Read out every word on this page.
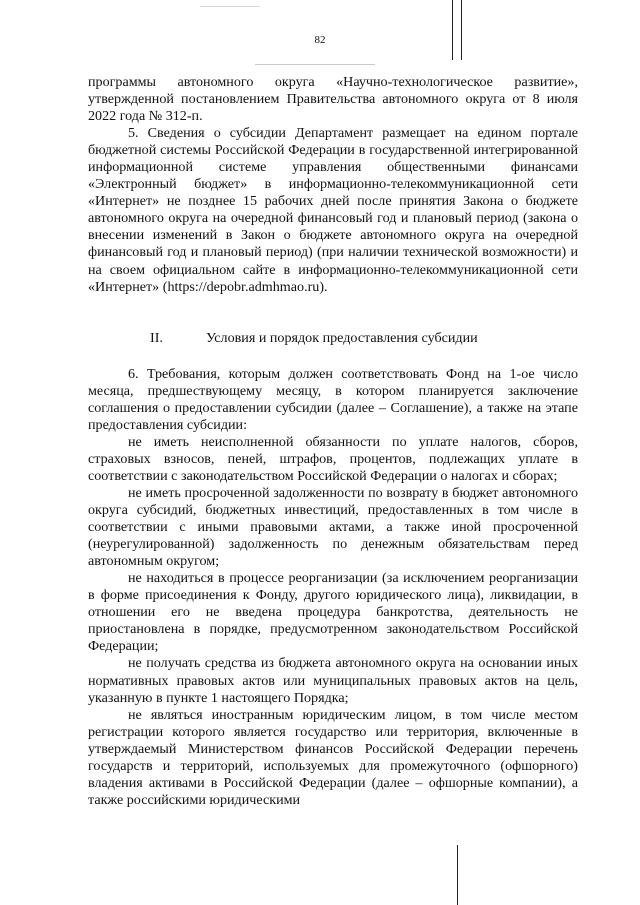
82

программы автономного округа «Научно-технологическое развитие», утвержденной постановлением Правительства автономного округа от 8 июля 2022 года № 312-п.

5. Сведения о субсидии Департамент размещает на едином портале бюджетной системы Российской Федерации в государственной интегрированной информационной системе управления общественными финансами «Электронный бюджет» в информационно-телекоммуникационной сети «Интернет» не позднее 15 рабочих дней после принятия Закона о бюджете автономного округа на очередной финансовый год и плановый период (закона о внесении изменений в Закон о бюджете автономного округа на очередной финансовый год и плановый период) (при наличии технической возможности) и на своем официальном сайте в информационно-телекоммуникационной сети «Интернет» (https://depobr.admhmao.ru).

II.	Условия и порядок предоставления субсидии

6. Требования, которым должен соответствовать Фонд на 1-ое число месяца, предшествующему месяцу, в котором планируется заключение соглашения о предоставлении субсидии (далее – Соглашение), а также на этапе предоставления субсидии:

не иметь неисполненной обязанности по уплате налогов, сборов, страховых взносов, пеней, штрафов, процентов, подлежащих уплате в соответствии с законодательством Российской Федерации о налогах и сборах;

не иметь просроченной задолженности по возврату в бюджет автономного округа субсидий, бюджетных инвестиций, предоставленных в том числе в соответствии с иными правовыми актами, а также иной просроченной (неурегулированной) задолженность по денежным обязательствам перед автономным округом;

не находиться в процессе реорганизации (за исключением реорганизации в форме присоединения к Фонду, другого юридического лица), ликвидации, в отношении его не введена процедура банкротства, деятельность не приостановлена в порядке, предусмотренном законодательством Российской Федерации;

не получать средства из бюджета автономного округа на основании иных нормативных правовых актов или муниципальных правовых актов на цель, указанную в пункте 1 настоящего Порядка;

не являться иностранным юридическим лицом, в том числе местом регистрации которого является государство или территория, включенные в утверждаемый Министерством финансов Российской Федерации перечень государств и территорий, используемых для промежуточного (офшорного) владения активами в Российской Федерации (далее – офшорные компании), а также российскими юридическими
